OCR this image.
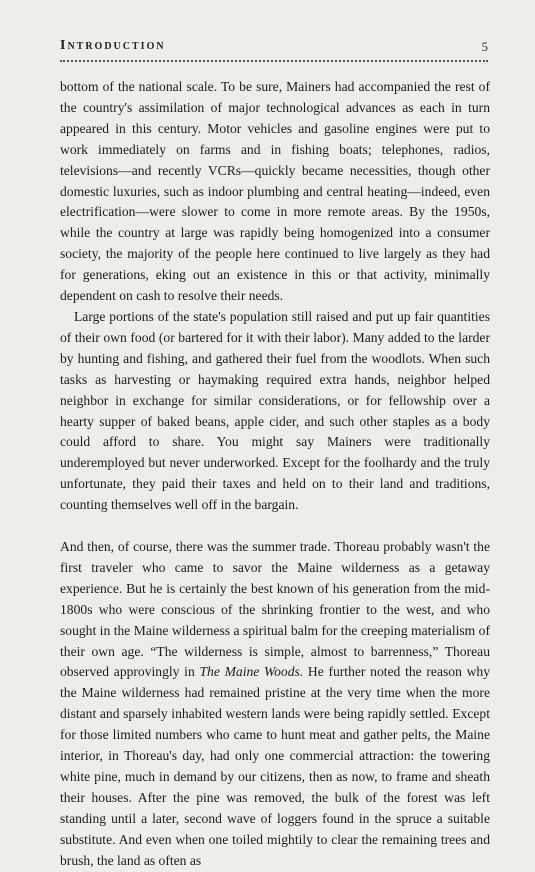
Introduction	5

bottom of the national scale. To be sure, Mainers had accompanied the rest of the country's assimilation of major technological advances as each in turn appeared in this century. Motor vehicles and gasoline engines were put to work immediately on farms and in fishing boats; telephones, radios, televisions—and recently VCRs—quickly became necessities, though other domestic luxuries, such as indoor plumbing and central heating—indeed, even electrification—were slower to come in more remote areas. By the 1950s, while the country at large was rapidly being homogenized into a consumer society, the majority of the people here continued to live largely as they had for generations, eking out an existence in this or that activity, minimally dependent on cash to resolve their needs.

Large portions of the state's population still raised and put up fair quantities of their own food (or bartered for it with their labor). Many added to the larder by hunting and fishing, and gathered their fuel from the woodlots. When such tasks as harvesting or haymaking required extra hands, neighbor helped neighbor in exchange for similar considerations, or for fellowship over a hearty supper of baked beans, apple cider, and such other staples as a body could afford to share. You might say Mainers were traditionally underemployed but never underworked. Except for the foolhardy and the truly unfortunate, they paid their taxes and held on to their land and traditions, counting themselves well off in the bargain.

And then, of course, there was the summer trade. Thoreau probably wasn't the first traveler who came to savor the Maine wilderness as a getaway experience. But he is certainly the best known of his generation from the mid-1800s who were conscious of the shrinking frontier to the west, and who sought in the Maine wilderness a spiritual balm for the creeping materialism of their own age. “The wilderness is simple, almost to barrenness,” Thoreau observed approvingly in The Maine Woods. He further noted the reason why the Maine wilderness had remained pristine at the very time when the more distant and sparsely inhabited western lands were being rapidly settled. Except for those limited numbers who came to hunt meat and gather pelts, the Maine interior, in Thoreau's day, had only one commercial attraction: the towering white pine, much in demand by our citizens, then as now, to frame and sheath their houses. After the pine was removed, the bulk of the forest was left standing until a later, second wave of loggers found in the spruce a suitable substitute. And even when one toiled mightily to clear the remaining trees and brush, the land as often as
